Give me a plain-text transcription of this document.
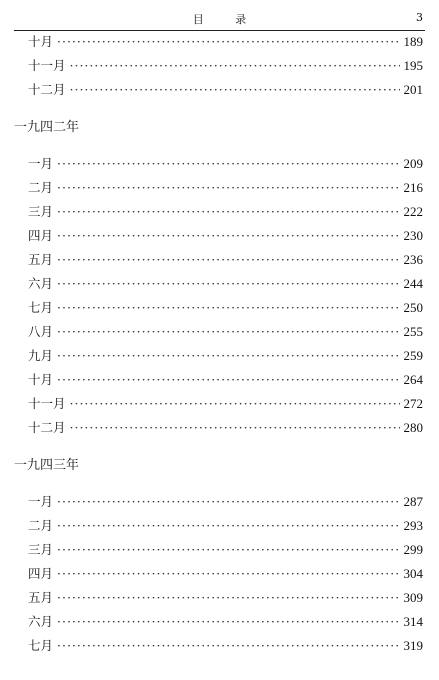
目 录	3
十月 ·····	189
十一月 ·····	195
十二月 ·····	201
一九四二年
一月 ·····	209
二月 ·····	216
三月 ·····	222
四月 ·····	230
五月 ·····	236
六月 ·····	244
七月 ·····	250
八月 ·····	255
九月 ·····	259
十月 ·····	264
十一月 ·····	272
十二月 ·····	280
一九四三年
一月 ·····	287
二月 ·····	293
三月 ·····	299
四月 ·····	304
五月 ·····	309
六月 ·····	314
七月 ·····	319
